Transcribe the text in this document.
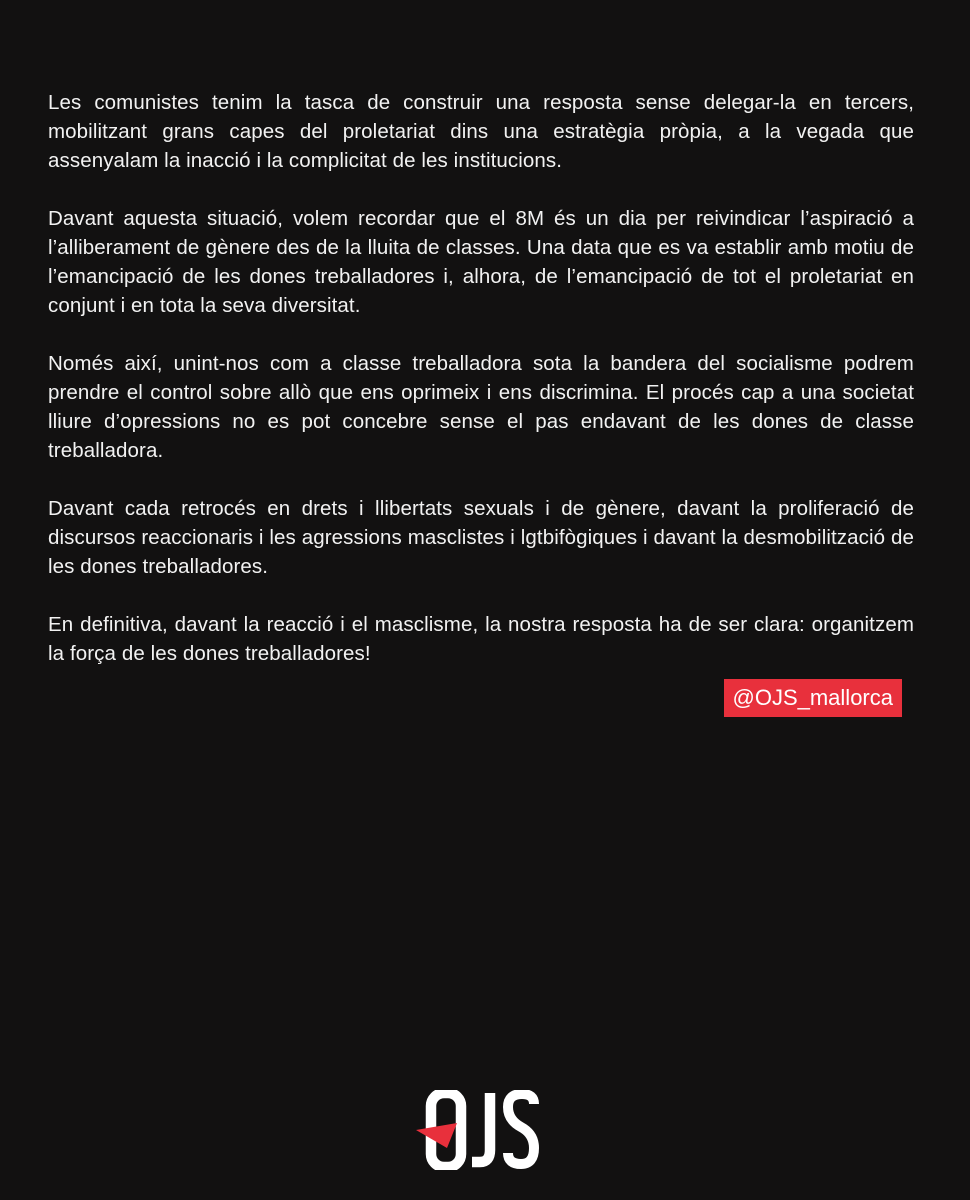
Les comunistes tenim la tasca de construir una resposta sense delegar-la en tercers, mobilitzant grans capes del proletariat dins una estratègia pròpia, a la vegada que assenyalam la inacció i la complicitat de les institucions.

Davant aquesta situació, volem recordar que el 8M és un dia per reivindicar l’aspiració a l’alliberament de gènere des de la lluita de classes. Una data que es va establir amb motiu de l’emancipació de les dones treballadores i, alhora, de l’emancipació de tot el proletariat en conjunt i en tota la seva diversitat.

Només així, unint-nos com a classe treballadora sota la bandera del socialisme podrem prendre el control sobre allò que ens oprimeix i ens discrimina. El procés cap a una societat lliure d’opressions no es pot concebre sense el pas endavant de les dones de classe treballadora.

Davant cada retrocés en drets i llibertats sexuals i de gènere, davant la proliferació de discursos reaccionaris i les agressions masclistes i lgtbifògiques i davant la desmobilització de les dones treballadores.

En definitiva, davant la reacció i el masclisme, la nostra resposta ha de ser clara: organitzem la força de les dones treballadores!

@OJS_mallorca
